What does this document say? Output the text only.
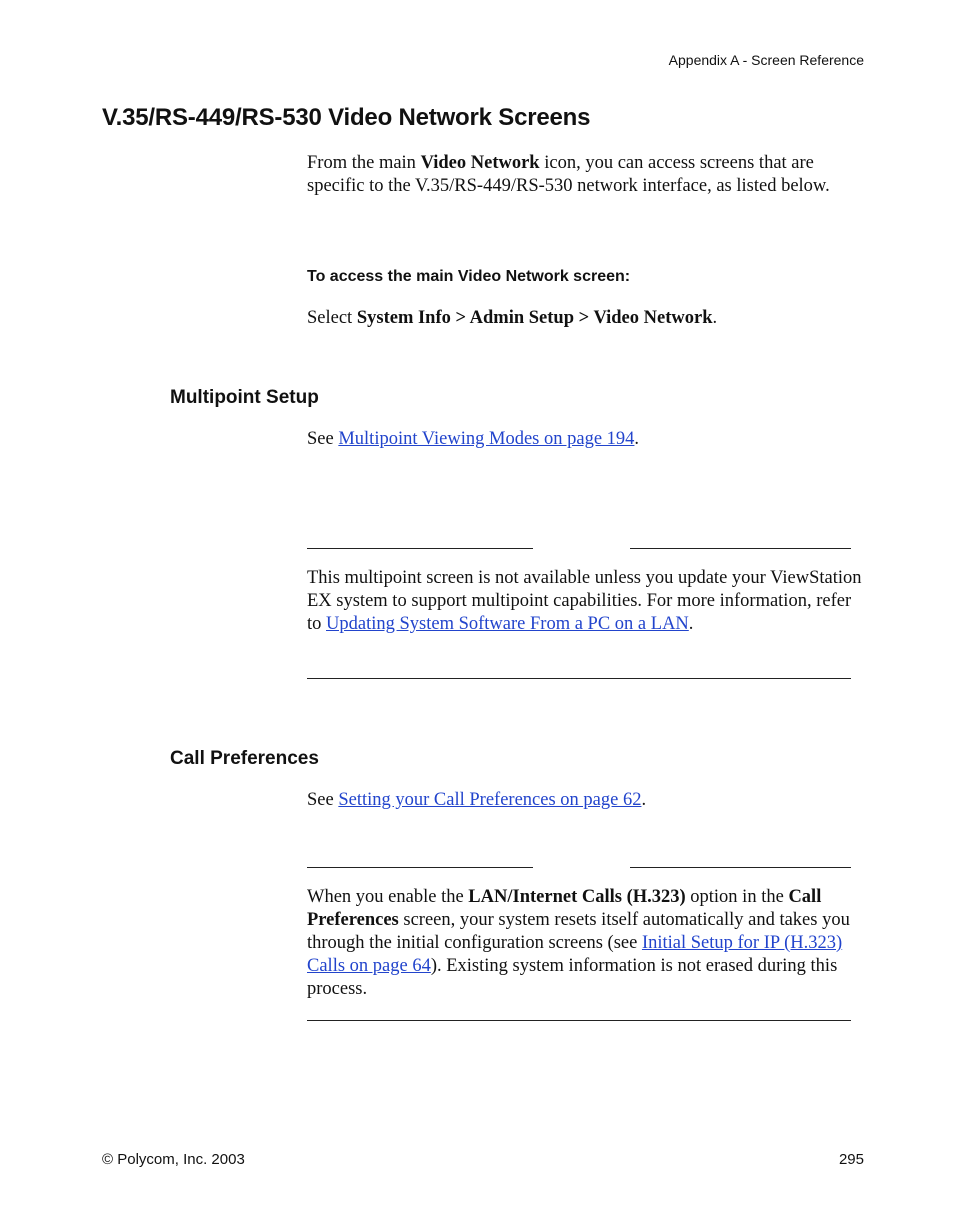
Appendix A - Screen Reference
V.35/RS-449/RS-530 Video Network Screens
From the main Video Network icon, you can access screens that are specific to the V.35/RS-449/RS-530 network interface, as listed below.
To access the main Video Network screen:
Select System Info > Admin Setup > Video Network.
Multipoint Setup
See Multipoint Viewing Modes on page 194.
This multipoint screen is not available unless you update your ViewStation EX system to support multipoint capabilities. For more information, refer to Updating System Software From a PC on a LAN.
Call Preferences
See Setting your Call Preferences on page 62.
When you enable the LAN/Internet Calls (H.323) option in the Call Preferences screen, your system resets itself automatically and takes you through the initial configuration screens (see Initial Setup for IP (H.323) Calls on page 64). Existing system information is not erased during this process.
© Polycom, Inc. 2003	295
